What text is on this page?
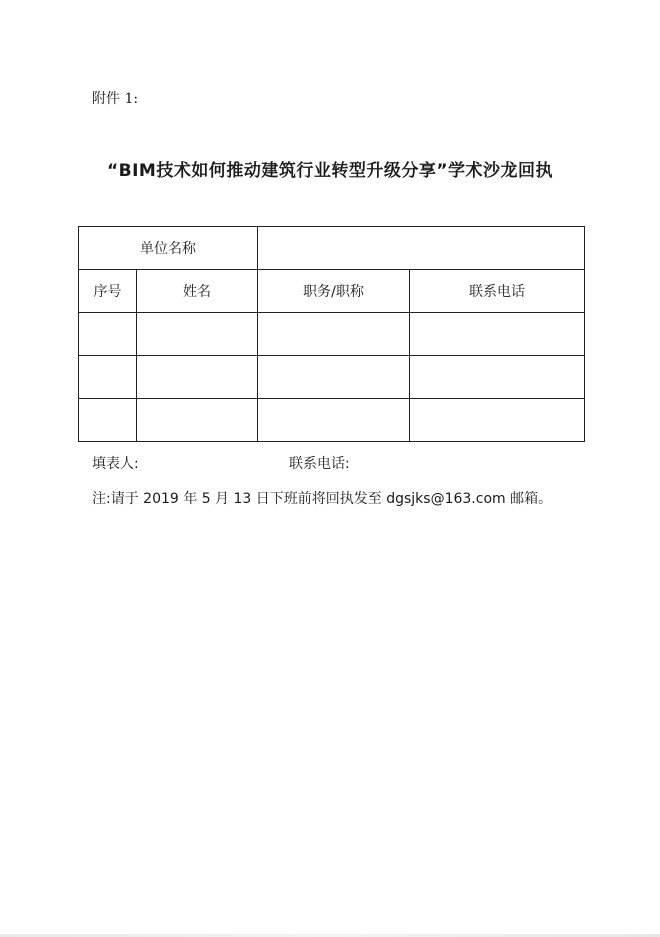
附件 1:
“BIM技术如何推动建筑行业转型升级分享”学术沙龙回执
单位名称			
序号	姓名	职务/职称	联系电话

填表人:	联系电话:
注:请于 2019 年 5 月 13 日下班前将回执发至 dgsjks@163.com 邮箱。
